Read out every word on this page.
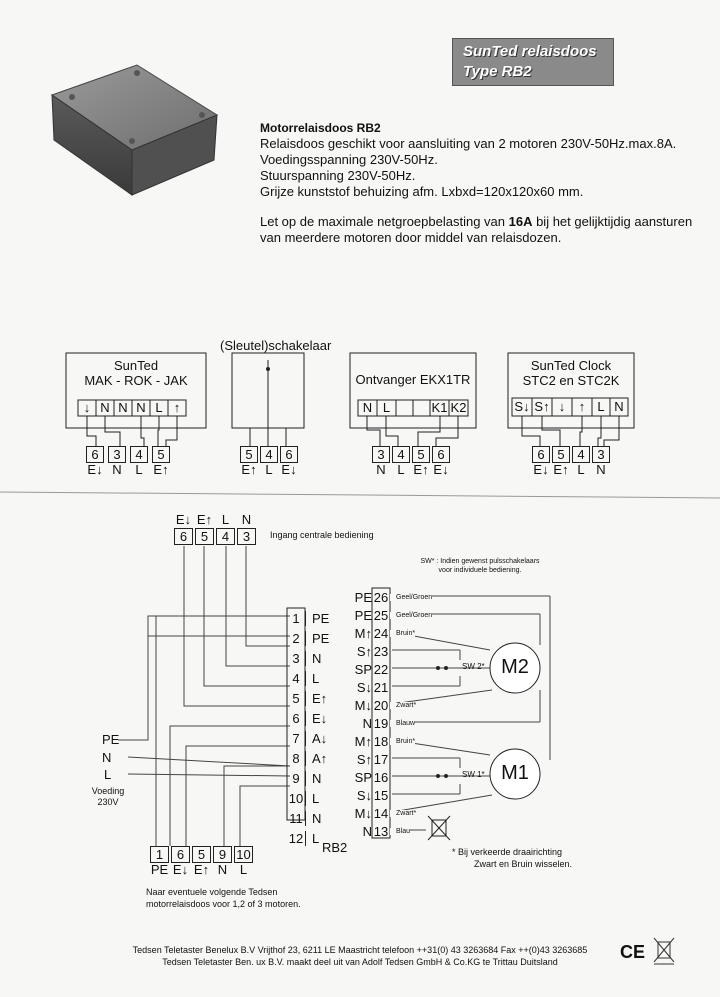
SunTed relaisdoos
Type RB2
Motorrelaisdoos RB2
Relaisdoos geschikt voor aansluiting van 2 motoren 230V-50Hz.max.8A.
Voedingsspanning 230V-50Hz.
Stuurspanning 230V-50Hz.
Grijze kunststof behuizing afm. Lxbxd=120x120x60 mm.
Let op de maximale netgroepbelasting van 16A bij het gelijktijdig aansturen van meerdere motoren door middel van relaisdozen.
SunTed
MAK - ROK - JAK
↓ N N N L ↑
6	3	4	5
E↓ N	L E↑
(Sleutel)schakelaar
5 4 6
E↑ L E↓
Ontvanger EKX1TR
N L	K1 K2
3 4 5 6
N L E↑ E↓
SunTed Clock
STC2 en STC2K
S↓ S↑ ↓	↑ L N
6 5 4 3
E↓ E↑ L N
E↓ E↑ L N
6	5	4	3	Ingang centrale bediening
SW* : Indien gewenst pulsschakelaars
voor individuele bediening.
1 PE
2 PE
3 N
4 L
5 E↑
6 E↓
7 A↓
8 A↑
9 N
10 L
11 N
12 L
PE 26	Geel/Groen
PE 25	Geel/Groen
M↑ 24	Bruin*
S↑ 23
SP 22
S↓ 21
M↓ 20	Zwart*
N 19	Blauw
M↑ 18	Bruin*
S↑ 17
SP 16
S↓ 15
M↓ 14	Zwart*
N 13	Blau
M2
M1
SW 2*
SW 1*
PE
N
L
Voeding
230V
RB2
1	6	5	9 10
PE E↓ E↑ N L
Naar eventuele volgende Tedsen
motorrelaisdoos voor 1,2 of 3 motoren.
* Bij verkeerde draairichting
Zwart en Bruin wisselen.
Tedsen Teletaster Benelux B.V Vrijthof 23, 6211 LE Maastricht telefoon ++31(0) 43 3263684 Fax ++(0)43 3263685
Tedsen Teletaster Ben. ux B.V. maakt deel uit van Adolf Tedsen GmbH & Co.KG te Trittau Duitsland	CE
